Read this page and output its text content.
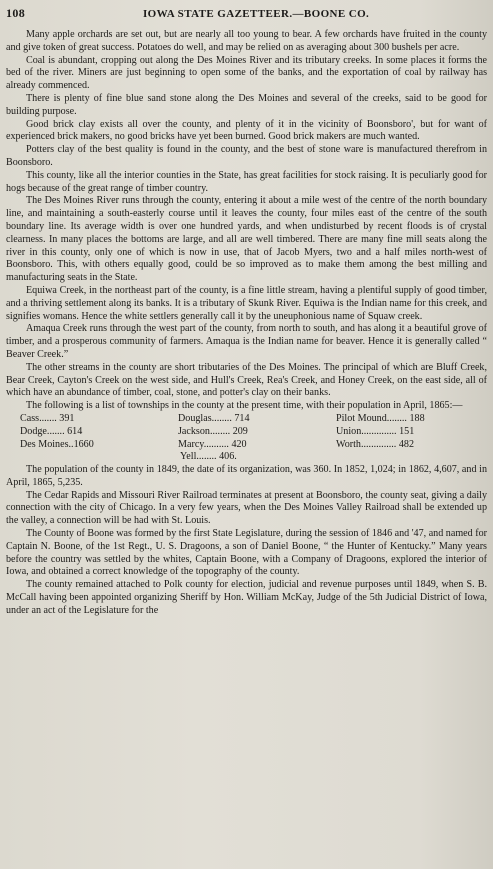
108	IOWA STATE GAZETTEER.—BOONE CO.

Many apple orchards are set out, but are nearly all too young to bear. A few orchards have fruited in the county and give token of great success. Potatoes do well, and may be relied on as averaging about 300 bushels per acre.

Coal is abundant, cropping out along the Des Moines River and its tributary creeks. In some places it forms the bed of the river. Miners are just beginning to open some of the banks, and the exportation of coal by railway has already commenced.

There is plenty of fine blue sand stone along the Des Moines and several of the creeks, said to be good for building purpose.

Good brick clay exists all over the county, and plenty of it in the vicinity of Boonsboro', but for want of experienced brick makers, no good bricks have yet been burned. Good brick makers are much wanted.

Potters clay of the best quality is found in the county, and the best of stone ware is manufactured therefrom in Boonsboro.

This county, like all the interior counties in the State, has great facilities for stock raising. It is peculiarly good for hogs because of the great range of timber country.

The Des Moines River runs through the county, entering it about a mile west of the centre of the north boundary line, and maintaining a south-easterly course until it leaves the county, four miles east of the centre of the south boundary line. Its average width is over one hundred yards, and when undisturbed by recent floods is of crystal clearness. In many places the bottoms are large, and all are well timbered. There are many fine mill seats along the river in this county, only one of which is now in use, that of Jacob Myers, two and a half miles north-west of Boonsboro. This, with others equally good, could be so improved as to make them among the best milling and manufacturing seats in the State.

Equiwa Creek, in the northeast part of the county, is a fine little stream, having a plentiful supply of good timber, and a thriving settlement along its banks. It is a tributary of Skunk River. Equiwa is the Indian name for this creek, and signifies womans. Hence the white settlers generally call it by the uneuphonious name of Squaw creek.

Amaqua Creek runs through the west part of the county, from north to south, and has along it a beautiful grove of timber, and a prosperous community of farmers. Amaqua is the Indian name for beaver. Hence it is generally called “ Beaver Creek.”

The other streams in the county are short tributaries of the Des Moines. The principal of which are Bluff Creek, Bear Creek, Cayton's Creek on the west side, and Hull's Creek, Rea's Creek, and Honey Creek, on the east side, all of which have an abundance of timber, coal, stone, and potter's clay on their banks.

The following is a list of townships in the county at the present time, with their population in April, 1865:—

Cass....... 391	Douglas........ 714	Pilot Mound........ 188
Dodge....... 614	Jackson........ 209	Union.............. 151
Des Moines..1660	Marcy.......... 420	Worth.............. 482
Yell........ 406.

The population of the county in 1849, the date of its organization, was 360. In 1852, 1,024; in 1862, 4,607, and in April, 1865, 5,235.

The Cedar Rapids and Missouri River Railroad terminates at present at Boonsboro, the county seat, giving a daily connection with the city of Chicago. In a very few years, when the Des Moines Valley Railroad shall be extended up the valley, a connection will be had with St. Louis.

The County of Boone was formed by the first State Legislature, during the session of 1846 and '47, and named for Captain N. Boone, of the 1st Regt., U. S. Dragoons, a son of Daniel Boone, “ the Hunter of Kentucky.” Many years before the country was settled by the whites, Captain Boone, with a Company of Dragoons, explored the interior of Iowa, and obtained a correct knowledge of the topography of the county.

The county remained attached to Polk county for election, judicial and revenue purposes until 1849, when S. B. McCall having been appointed organizing Sheriff by Hon. William McKay, Judge of the 5th Judicial District of Iowa, under an act of the Legislature for the
